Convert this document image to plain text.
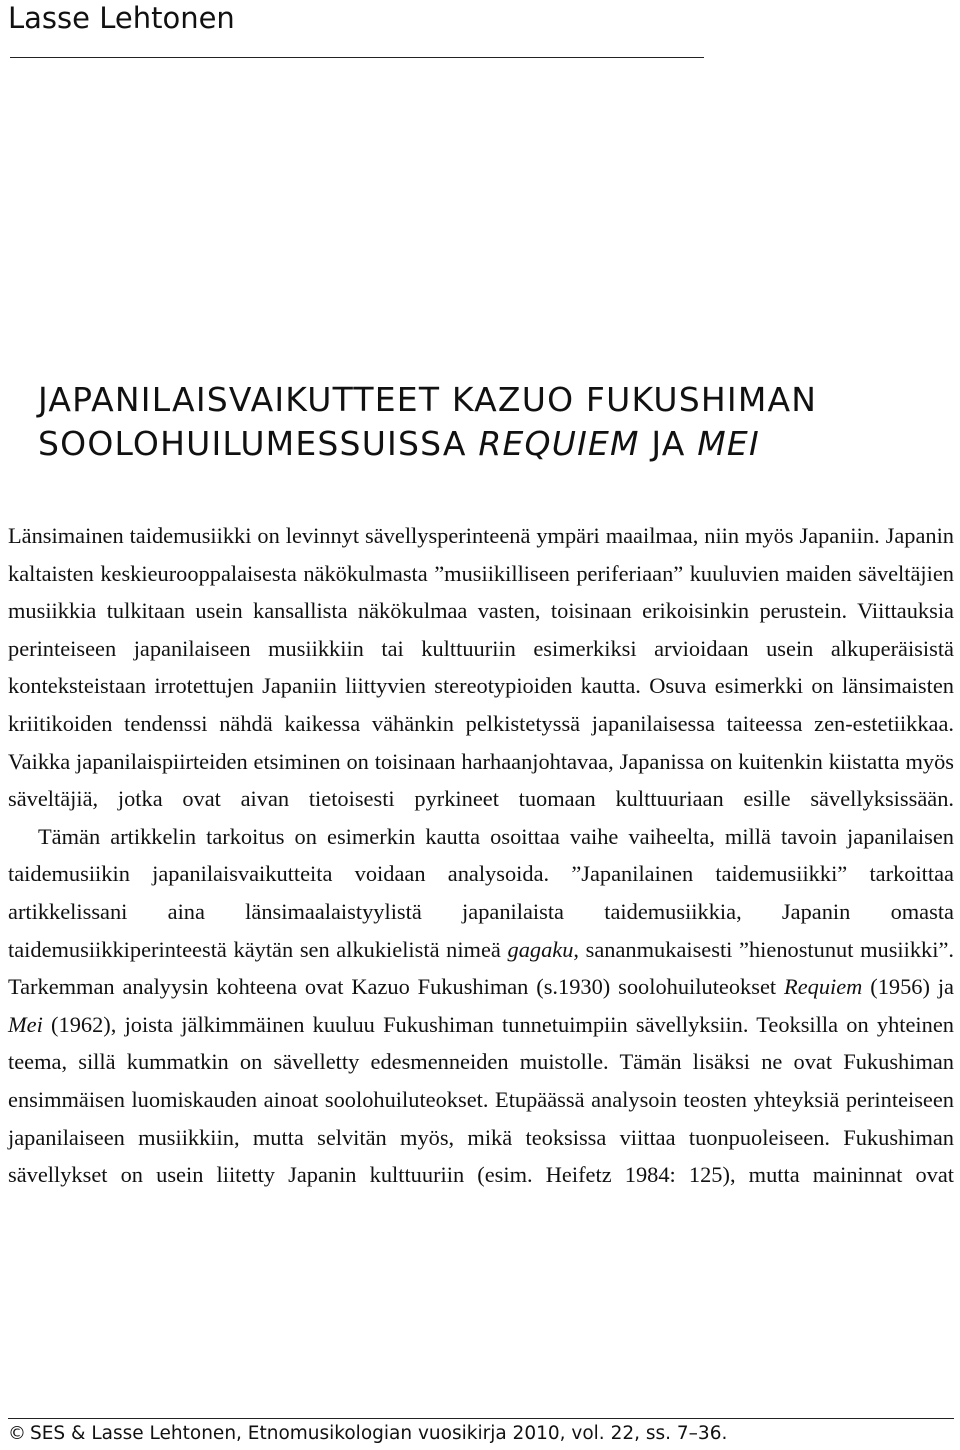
Lasse Lehtonen
JAPANILAISVAIKUTTEET KAZUO FUKUSHIMAN
SOOLOHUILUMESSUISSA REQUIEM JA MEI

Länsimainen taidemusiikki on levinnyt sävellysperinteenä ympäri maailmaa, niin myös Japaniin. Japanin kaltaisten keskieurooppalaisesta näkökulmasta ”musiikilliseen periferiaan” kuuluvien maiden säveltäjien musiikkia tulkitaan usein kansallista näkökulmaa vasten, toisinaan erikoisinkin perustein. Viittauksia perinteiseen japanilaiseen musiikkiin tai kulttuuriin esimerkiksi arvioidaan usein alkuperäisistä konteksteistaan irrotettujen Japaniin liittyvien stereotypioiden kautta. Osuva esimerkki on länsimaisten kriitikoiden tendenssi nähdä kaikessa vähänkin pelkistetyssä japanilaisessa taiteessa zen-estetiikkaa. Vaikka japanilaispiirteiden etsiminen on toisinaan harhaanjohtavaa, Japanissa on kuitenkin kiistatta myös säveltäjiä, jotka ovat aivan tietoisesti pyrkineet tuomaan kulttuuriaan esille sävellyksissään.

Tämän artikkelin tarkoitus on esimerkin kautta osoittaa vaihe vaiheelta, millä tavoin japanilaisen taidemusiikin japanilaisvaikutteita voidaan analysoida. ”Japanilainen taidemusiikki” tarkoittaa artikkelissani aina länsimaalaistyylistä japanilaista taidemusiikkia, Japanin omasta taidemusiikkiperinteestä käytän sen alkukielistä nimeä gagaku, sananmukaisesti ”hienostunut musiikki”. Tarkemman analyysin kohteena ovat Kazuo Fukushiman (s.1930) soolohuiluteokset Requiem (1956) ja Mei (1962), joista jälkimmäinen kuuluu Fukushiman tunnetuimpiin sävellyksiin. Teoksilla on yhteinen teema, sillä kummatkin on sävelletty edesmenneiden muistolle. Tämän lisäksi ne ovat Fukushiman ensimmäisen luomiskauden ainoat soolohuiluteokset. Etupäässä analysoin teosten yhteyksiä perinteiseen japanilaiseen musiikkiin, mutta selvitän myös, mikä teoksissa viittaa tuonpuoleiseen. Fukushiman sävellykset on usein liitetty Japanin kulttuuriin (esim. Heifetz 1984: 125), mutta maininnat ovat

© SES & Lasse Lehtonen, Etnomusikologian vuosikirja 2010, vol. 22, ss. 7–36.
